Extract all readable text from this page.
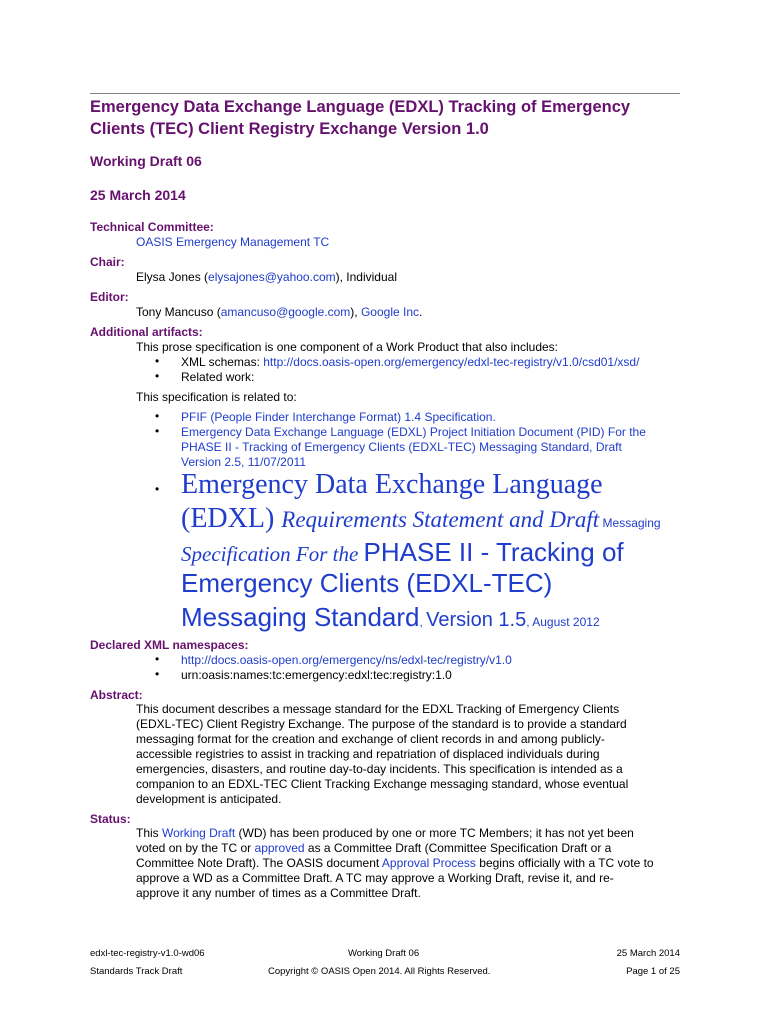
Emergency Data Exchange Language (EDXL) Tracking of Emergency Clients (TEC) Client Registry Exchange Version 1.0

Working Draft 06

25 March 2014

Technical Committee:

OASIS Emergency Management TC

Chair:

Elysa Jones (elysajones@yahoo.com), Individual

Editor:

Tony Mancuso (amancuso@google.com), Google Inc.

Additional artifacts:

This prose specification is one component of a Work Product that also includes:

• XML schemas: http://docs.oasis-open.org/emergency/edxl-tec-registry/v1.0/csd01/xsd/

• Related work:

This specification is related to:

• PFIF (People Finder Interchange Format) 1.4 Specification.

• Emergency Data Exchange Language (EDXL) Project Initiation Document (PID) For the
PHASE II - Tracking of Emergency Clients (EDXL-TEC) Messaging Standard, Draft
Version 2.5, 11/07/2011

• Emergency Data Exchange Language
(EDXL) Requirements Statement and Draft Messaging
Specification For the PHASE II - Tracking of
Emergency Clients (EDXL-TEC)
Messaging Standard, Version 1.5, August 2012

Declared XML namespaces:

• http://docs.oasis-open.org/emergency/ns/edxl-tec/registry/v1.0

• urn:oasis:names:tc:emergency:edxl:tec:registry:1.0

Abstract:

This document describes a message standard for the EDXL Tracking of Emergency Clients (EDXL-TEC) Client Registry Exchange. The purpose of the standard is to provide a standard messaging format for the creation and exchange of client records in and among publicly-accessible registries to assist in tracking and repatriation of displaced individuals during emergencies, disasters, and routine day-to-day incidents. This specification is intended as a companion to an EDXL-TEC Client Tracking Exchange messaging standard, whose eventual development is anticipated.

Status:

This Working Draft (WD) has been produced by one or more TC Members; it has not yet been voted on by the TC or approved as a Committee Draft (Committee Specification Draft or a Committee Note Draft). The OASIS document Approval Process begins officially with a TC vote to approve a WD as a Committee Draft. A TC may approve a Working Draft, revise it, and re-approve it any number of times as a Committee Draft.

edxl-tec-registry-v1.0-wd06	Working Draft 06	25 March 2014
Standards Track Draft	Copyright © OASIS Open 2014. All Rights Reserved.	Page 1 of 25
